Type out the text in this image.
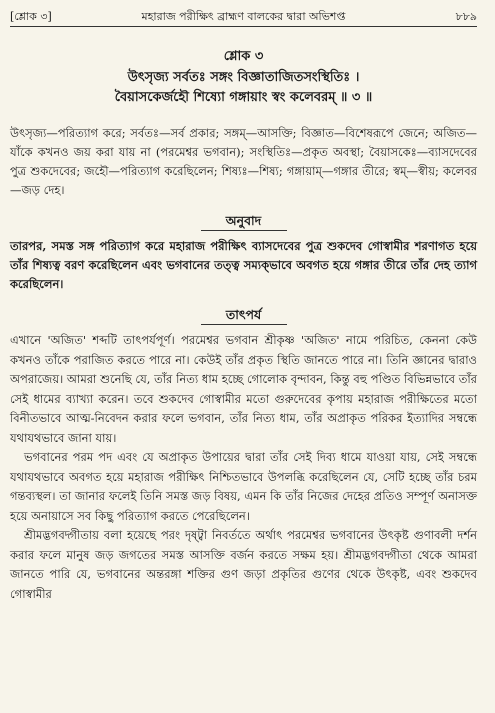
[শ্লোক ৩]	মহারাজ পরীক্ষিৎ ব্রাহ্মণ বালকের দ্বারা অভিশপ্ত	৮৮৯
শ্লোক ৩
উৎসৃজ্য সর্বতঃ সঙ্গং বিজ্ঞাতাজিতসংস্থিতিঃ ।
বৈয়াসকের্জহৌ শিষ্যো গঙ্গায়াং স্বং কলেবরম্ ॥ ৩ ॥
উৎসৃজ্য—পরিত্যাগ করে; সর্বতঃ—সর্ব প্রকার; সঙ্গম্—আসক্তি; বিজ্ঞাত—বিশেষরূপে জেনে; অজিত—যাঁকে কখনও জয় করা যায় না (পরমেশ্বর ভগবান); সংস্থিতিঃ—প্রকৃত অবস্থা; বৈয়াসকেঃ—ব্যাসদেবের পুত্র শুকদেবের; জহৌ—পরিত্যাগ করেছিলেন; শিষ্যঃ—শিষ্য; গঙ্গায়াম্—গঙ্গার তীরে; স্বম্—স্বীয়; কলেবর—জড় দেহ।
অনুবাদ
তারপর, সমস্ত সঙ্গ পরিত্যাগ করে মহারাজ পরীক্ষিৎ ব্যাসদেবের পুত্র শুকদেব গোস্বামীর শরণাগত হয়ে তাঁর শিষ্যত্ব বরণ করেছিলেন এবং ভগবানের তত্ত্ব সম্যক্‌ভাবে অবগত হয়ে গঙ্গার তীরে তাঁর দেহ ত্যাগ করেছিলেন।
তাৎপর্য

এখানে 'অজিত' শব্দটি তাৎপর্যপূর্ণ। পরমেশ্বর ভগবান শ্রীকৃষ্ণ 'অজিত' নামে পরিচিত, কেননা কেউ কখনও তাঁকে পরাজিত করতে পারে না। কেউই তাঁর প্রকৃত স্থিতি জানতে পারে না। তিনি জ্ঞানের দ্বারাও অপরাজেয়। আমরা শুনেছি যে, তাঁর নিত্য ধাম হচ্ছে গোলোক বৃন্দাবন, কিন্তু বহু পণ্ডিত বিভিন্নভাবে তাঁর সেই ধামের ব্যাখ্যা করেন। তবে শুকদেব গোস্বামীর মতো গুরুদেবের কৃপায় মহারাজ পরীক্ষিতের মতো বিনীতভাবে আত্ম-নিবেদন করার ফলে ভগবান, তাঁর নিত্য ধাম, তাঁর অপ্রাকৃত পরিকর ইত্যাদির সম্বন্ধে যথাযথভাবে জানা যায়।

ভগবানের পরম পদ এবং যে অপ্রাকৃত উপায়ের দ্বারা তাঁর সেই দিব্য ধামে যাওয়া যায়, সেই সম্বন্ধে যথাযথভাবে অবগত হয়ে মহারাজ পরীক্ষিৎ নিশ্চিতভাবে উপলব্ধি করেছিলেন যে, সেটি হচ্ছে তাঁর চরম গন্তব্যস্থল। তা জানার ফলেই তিনি সমস্ত জড় বিষয়, এমন কি তাঁর নিজের দেহের প্রতিও সম্পূর্ণ অনাসক্ত হয়ে অনায়াসে সব কিছু পরিত্যাগ করতে পেরেছিলেন।

শ্রীমদ্ভগবদ্গীতায় বলা হয়েছে পরং দৃষ্ট্বা নিবর্ততে অর্থাৎ পরমেশ্বর ভগবানের উৎকৃষ্ট গুণাবলী দর্শন করার ফলে মানুষ জড় জগতের সমস্ত আসক্তি বর্জন করতে সক্ষম হয়। শ্রীমদ্ভগবদ্গীতা থেকে আমরা জানতে পারি যে, ভগবানের অন্তরঙ্গা শক্তির গুণ জড়া প্রকৃতির গুণের থেকে উৎকৃষ্ট, এবং শুকদেব গোস্বামীর
